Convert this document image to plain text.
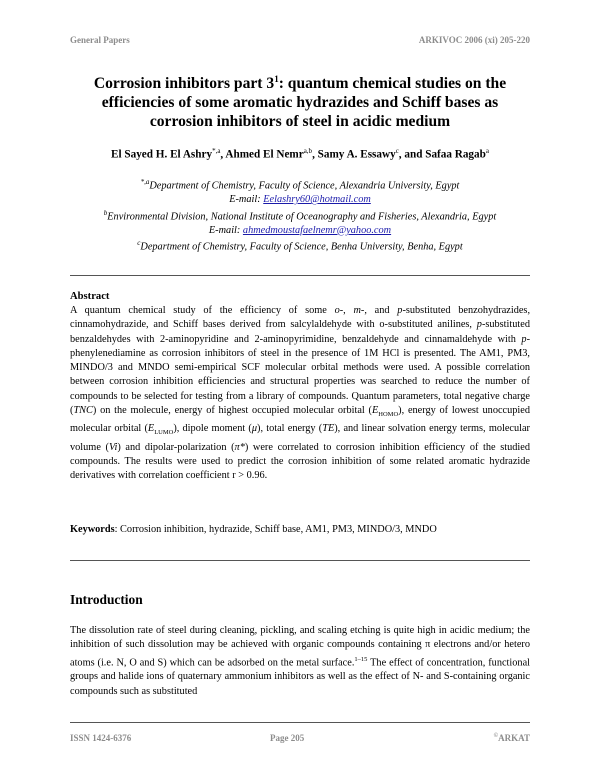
General Papers	ARKIVOC 2006 (xi) 205-220
Corrosion inhibitors part $3^1$: quantum chemical studies on the
efficiencies of some aromatic hydrazides and Schiff bases as
corrosion inhibitors of steel in acidic medium
El Sayed H. El Ashry$^{*,a}$, Ahmed El Nemr$^{a,b}$, Samy A. Essawy$^c$, and Safaa Ragab$^a$
$^{*,a}$Department of Chemistry, Faculty of Science, Alexandria University, Egypt
E-mail: Eelashry60@hotmail.com
$^b$Environmental Division, National Institute of Oceanography and Fisheries, Alexandria, Egypt
E-mail: ahmedmoustafaelnemr@yahoo.com
$^c$Department of Chemistry, Faculty of Science, Benha University, Benha, Egypt
Abstract
A quantum chemical study of the efficiency of some o-, m-, and p-substituted benzohydrazides, cinnamohydrazide, and Schiff bases derived from salcylaldehyde with o-substituted anilines, p-substituted benzaldehydes with 2-aminopyridine and 2-aminopyrimidine, benzaldehyde and cinnamaldehyde with p-phenylenediamine as corrosion inhibitors of steel in the presence of 1M HCl is presented. The AM1, PM3, MINDO/3 and MNDO semi-empirical SCF molecular orbital methods were used. A possible correlation between corrosion inhibition efficiencies and structural properties was searched to reduce the number of compounds to be selected for testing from a library of compounds. Quantum parameters, total negative charge (TNC) on the molecule, energy of highest occupied molecular orbital $(E_{HOMO})$, energy of lowest unoccupied molecular orbital $(E_{LUMO})$, dipole moment (μ), total energy (TE), and linear solvation energy terms, molecular volume (Vi) and dipolar-polarization (π*) were correlated to corrosion inhibition efficiency of the studied compounds. The results were used to predict the corrosion inhibition of some related aromatic hydrazide derivatives with correlation coefficient r > 0.96.
Keywords: Corrosion inhibition, hydrazide, Schiff base, AM1, PM3, MINDO/3, MNDO
Introduction
The dissolution rate of steel during cleaning, pickling, and scaling etching is quite high in acidic medium; the inhibition of such dissolution may be achieved with organic compounds containing π electrons and/or hetero atoms (i.e. N, O and S) which can be adsorbed on the metal surface.$^{1-15}$ The effect of concentration, functional groups and halide ions of quaternary ammonium inhibitors as well as the effect of N- and S-containing organic compounds such as substituted
ISSN 1424-6376	Page 205	©ARKAT
